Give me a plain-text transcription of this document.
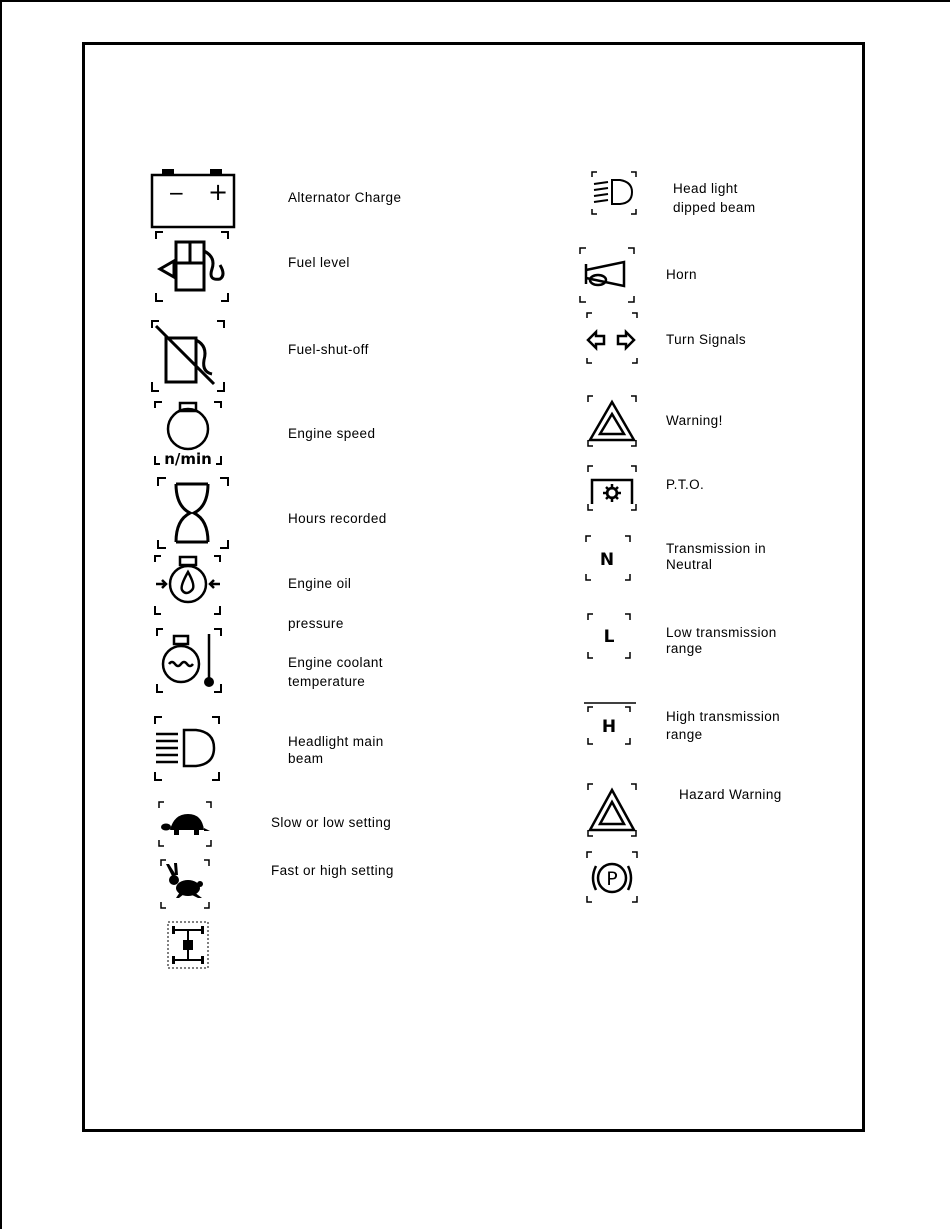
− +	Alternator Charge
Fuel level
Fuel-shut-off
n/min
Engine speed
Hours recorded
Engine oil
pressure
Engine coolant
temperature
Headlight main
beam
Slow or low setting
Fast or high setting
Head light
dipped beam
Horn
Turn Signals
Warning!
P.T.O.
N
Transmission in
Neutral
L	Low transmission
range
H
High transmission
range
Hazard Warning
P
